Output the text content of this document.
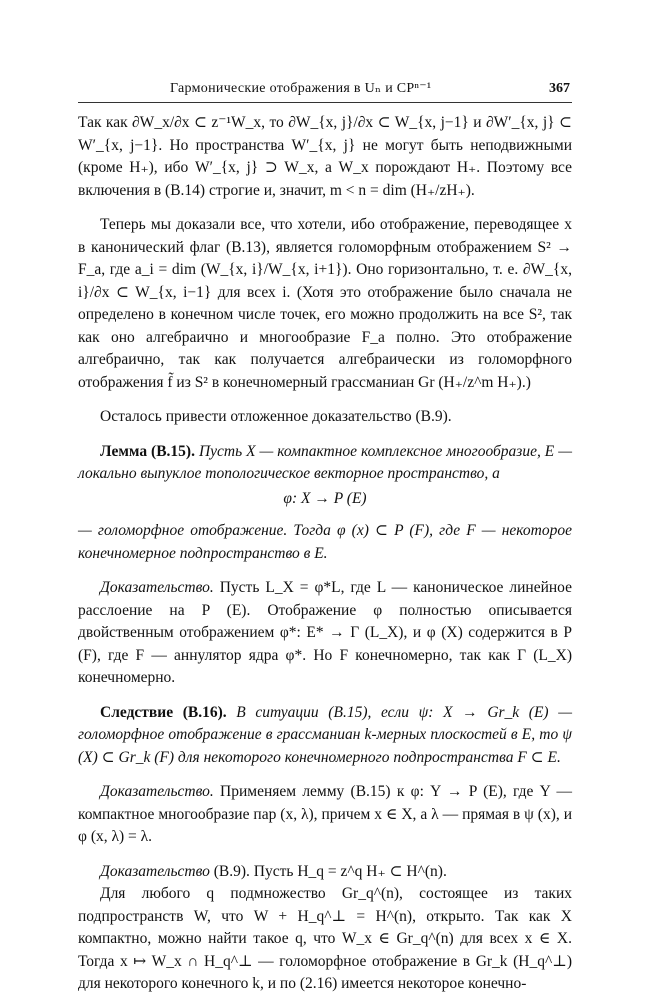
Гармонические отображения в Uₙ и CPⁿ⁻¹	367

Так как ∂W_x/∂x ⊂ z⁻¹W_x, то ∂W_{x, j}/∂x ⊂ W_{x, j−1} и ∂W′_{x, j} ⊂ W′_{x, j−1}. Но пространства W′_{x, j} не могут быть неподвижными (кроме H₊), ибо W′_{x, j} ⊃ W_x, а W_x порождают H₊. Поэтому все включения в (B.14) строгие и, значит, m < n = dim (H₊/zH₊).

Теперь мы доказали все, что хотели, ибо отображение, переводящее x в канонический флаг (B.13), является голоморфным отображением S² → F_a, где a_i = dim (W_{x, i}/W_{x, i+1}). Оно горизонтально, т. е. ∂W_{x, i}/∂x ⊂ W_{x, i−1} для всех i. (Хотя это отображение было сначала не определено в конечном числе точек, его можно продолжить на все S², так как оно алгебраично и многообразие F_a полно. Это отображение алгебраично, так как получается алгебраически из голоморфного отображения f̃ из S² в конечномерный грассманиан Gr (H₊/z^m H₊).)

Осталось привести отложенное доказательство (B.9).

Лемма (B.15). Пусть X — компактное комплексное многообразие, E — локально выпуклое топологическое векторное пространство, а

φ: X → P (E)

— голоморфное отображение. Тогда φ (x) ⊂ P (F), где F — некоторое конечномерное подпространство в E.

Доказательство. Пусть L_X = φ*L, где L — каноническое линейное расслоение на P (E). Отображение φ полностью описывается двойственным отображением φ*: E* → Γ (L_X), и φ (X) содержится в P (F), где F — аннулятор ядра φ*. Но F конечномерно, так как Γ (L_X) конечномерно.

Следствие (B.16). В ситуации (B.15), если ψ: X → Gr_k (E) — голоморфное отображение в грассманиан k-мерных плоскостей в E, то ψ (X) ⊂ Gr_k (F) для некоторого конечномерного подпространства F ⊂ E.

Доказательство. Применяем лемму (B.15) к φ: Y → P (E), где Y — компактное многообразие пар (x, λ), причем x ∈ X, а λ — прямая в ψ (x), и φ (x, λ) = λ.

Доказательство (B.9). Пусть H_q = z^q H₊ ⊂ H^(n).

Для любого q подмножество Gr_q^(n), состоящее из таких подпространств W, что W + H_q^⊥ = H^(n), открыто. Так как X компактно, можно найти такое q, что W_x ∈ Gr_q^(n) для всех x ∈ X. Тогда x ↦ W_x ∩ H_q^⊥ — голоморфное отображение в Gr_k (H_q^⊥) для некоторого конечного k, и по (2.16) имеется некоторое конечно-
